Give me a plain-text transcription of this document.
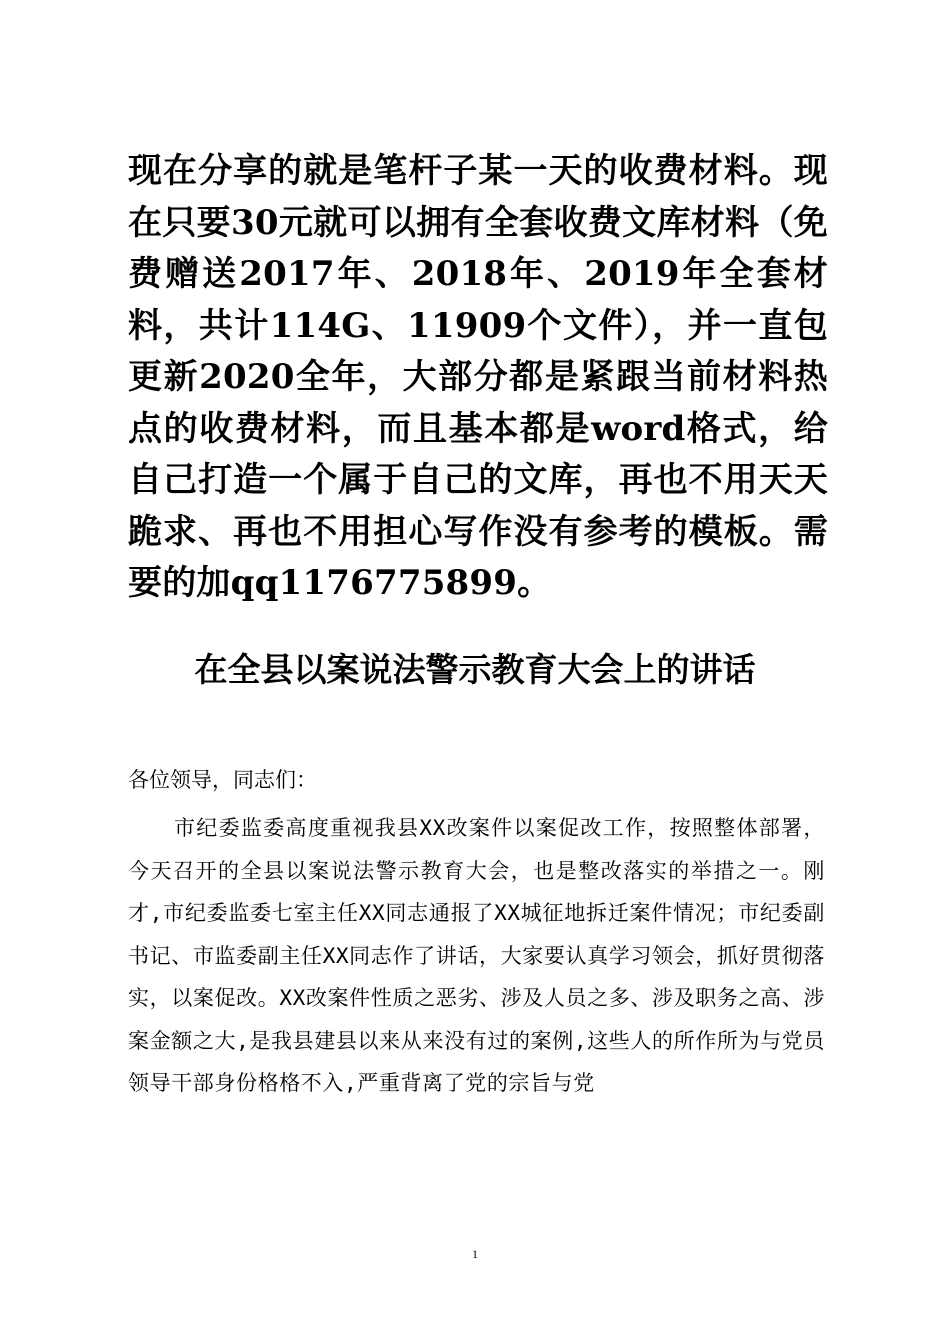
现在分享的就是笔杆子某一天的收费材料。现在只要30元就可以拥有全套收费文库材料（免费赠送2017年、2018年、2019年全套材料，共计114G、11909个文件），并一直包更新2020全年，大部分都是紧跟当前材料热点的收费材料，而且基本都是word格式，给自己打造一个属于自己的文库，再也不用天天跪求、再也不用担心写作没有参考的模板。需要的加qq1176775899。

在全县以案说法警示教育大会上的讲话

各位领导，同志们：

市纪委监委高度重视我县XX改案件以案促改工作，按照整体部署，今天召开的全县以案说法警示教育大会，也是整改落实的举措之一。刚才,市纪委监委七室主任XX同志通报了XX城征地拆迁案件情况；市纪委副书记、市监委副主任XX同志作了讲话，大家要认真学习领会，抓好贯彻落实，以案促改。XX改案件性质之恶劣、涉及人员之多、涉及职务之高、涉案金额之大,是我县建县以来从来没有过的案例,这些人的所作所为与党员领导干部身份格格不入,严重背离了党的宗旨与党

1
